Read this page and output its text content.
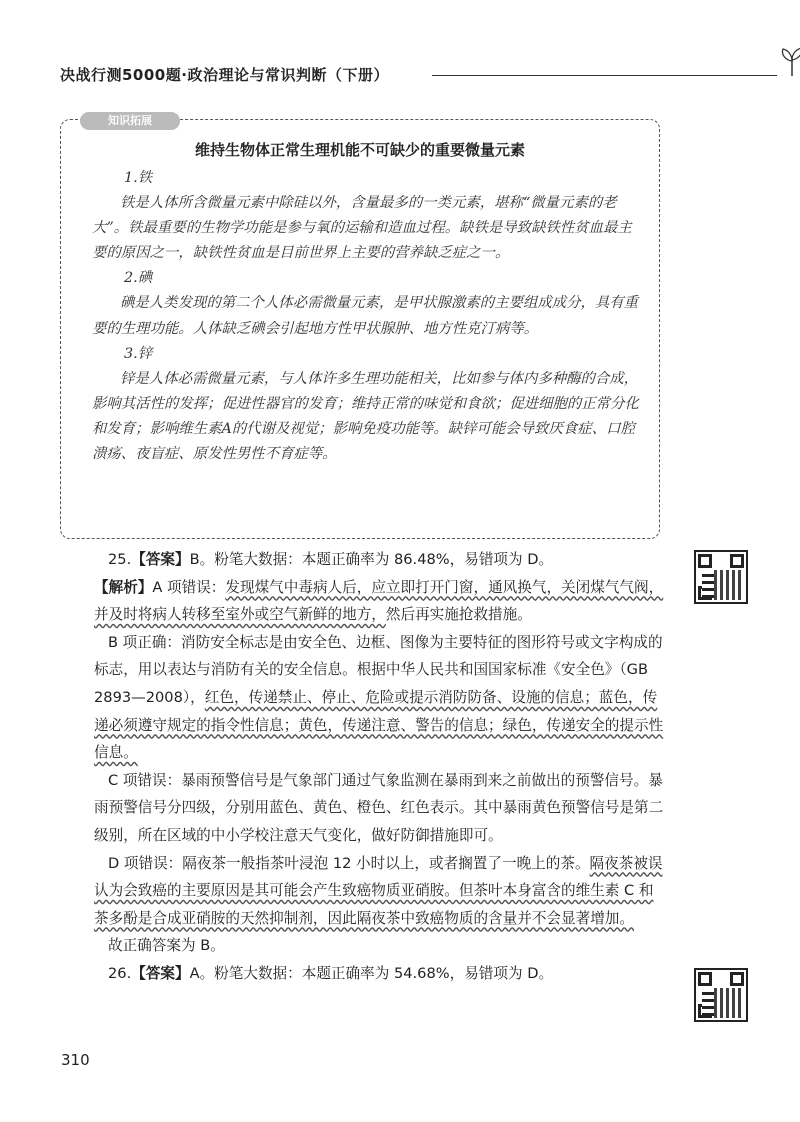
决战行测5000题·政治理论与常识判断（下册）
知识拓展
维持生物体正常生理机能不可缺少的重要微量元素

1.铁

铁是人体所含微量元素中除硅以外，含量最多的一类元素，堪称“微量元素的老大”。铁最重要的生物学功能是参与氧的运输和造血过程。缺铁是导致缺铁性贫血最主要的原因之一，缺铁性贫血是目前世界上主要的营养缺乏症之一。

2.碘

碘是人类发现的第二个人体必需微量元素，是甲状腺激素的主要组成成分，具有重要的生理功能。人体缺乏碘会引起地方性甲状腺肿、地方性克汀病等。

3.锌

锌是人体必需微量元素，与人体许多生理功能相关，比如参与体内多种酶的合成，影响其活性的发挥；促进性器官的发育；维持正常的味觉和食欲；促进细胞的正常分化和发育；影响维生素A的代谢及视觉；影响免疫功能等。缺锌可能会导致厌食症、口腔溃疡、夜盲症、原发性男性不育症等。

25.【答案】B。粉笔大数据：本题正确率为 86.48%，易错项为 D。

【解析】A 项错误：发现煤气中毒病人后，应立即打开门窗，通风换气，关闭煤气气阀，并及时将病人转移至室外或空气新鲜的地方，然后再实施抢救措施。

B 项正确：消防安全标志是由安全色、边框、图像为主要特征的图形符号或文字构成的标志，用以表达与消防有关的安全信息。根据中华人民共和国国家标准《安全色》（GB 2893—2008），红色，传递禁止、停止、危险或提示消防防备、设施的信息；蓝色，传递必须遵守规定的指令性信息；黄色，传递注意、警告的信息；绿色，传递安全的提示性信息。

C 项错误：暴雨预警信号是气象部门通过气象监测在暴雨到来之前做出的预警信号。暴雨预警信号分四级，分别用蓝色、黄色、橙色、红色表示。其中暴雨黄色预警信号是第二级别，所在区域的中小学校注意天气变化，做好防御措施即可。

D 项错误：隔夜茶一般指茶叶浸泡 12 小时以上，或者搁置了一晚上的茶。隔夜茶被误认为会致癌的主要原因是其可能会产生致癌物质亚硝胺。但茶叶本身富含的维生素 C 和茶多酚是合成亚硝胺的天然抑制剂，因此隔夜茶中致癌物质的含量并不会显著增加。

故正确答案为 B。

26.【答案】A。粉笔大数据：本题正确率为 54.68%，易错项为 D。

310
